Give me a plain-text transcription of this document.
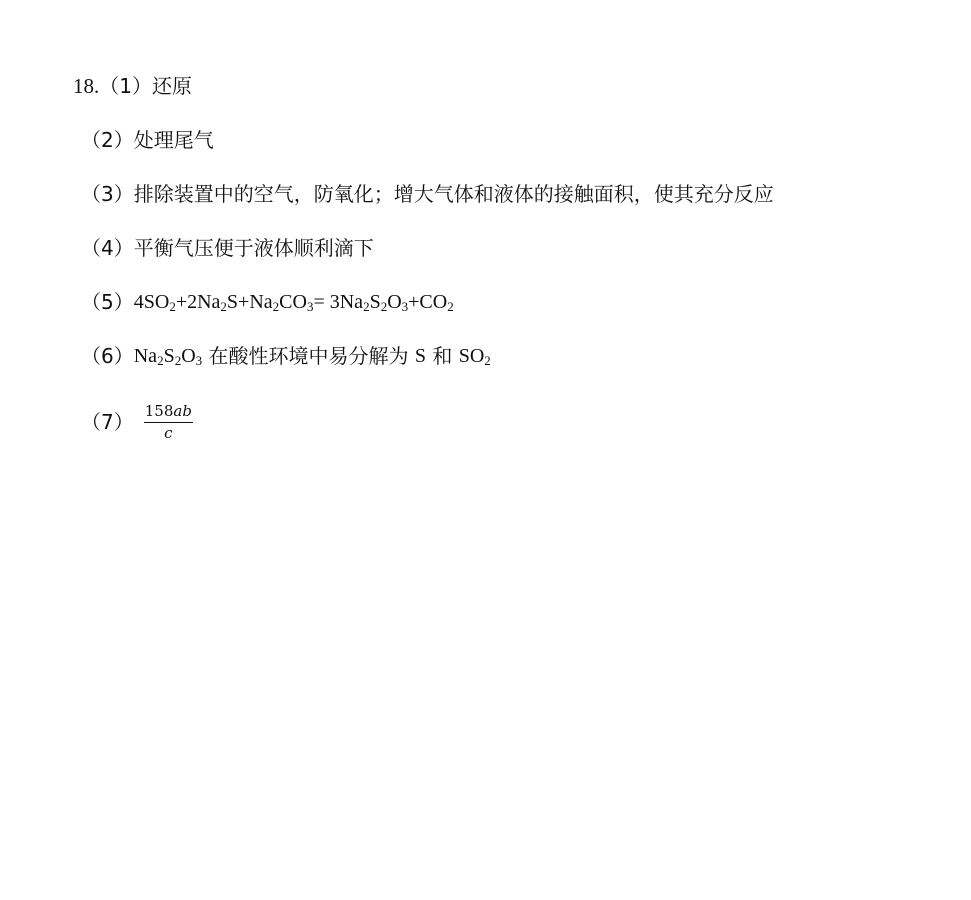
18. （1） 还原
（2） 处理尾气
（3） 排除装置中的空气，防氧化；增大气体和液体的接触面积，使其充分反应
（4） 平衡气压便于液体顺利滴下
（5） $4SO_2+2Na_2S+Na_2CO_3= 3Na_2S_2O_3+CO_2$
（6） $Na_2S_2O_3$ 在酸性环境中易分解为 S 和 $SO_2$
$(7) \frac{158ab}{c}$
